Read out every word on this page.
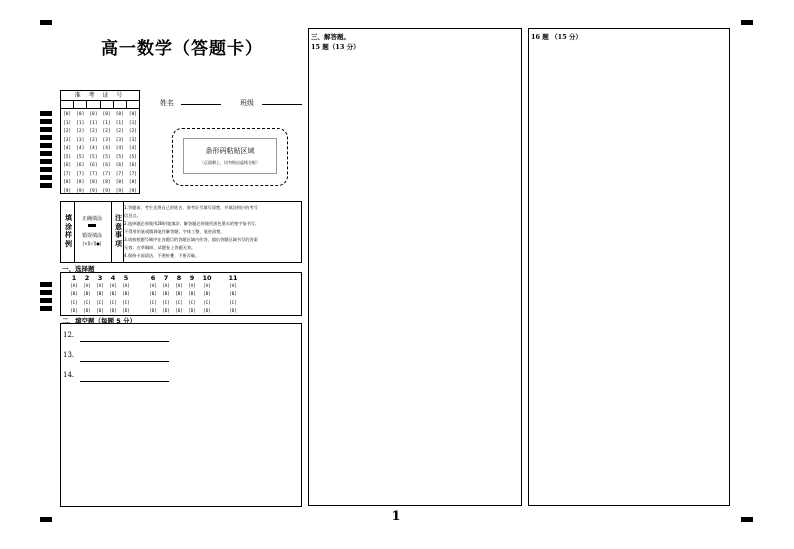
高一数学（答题卡）
准 考 证 号
[0] [0] [0] [0] [0] [0]
[1] [1] [1] [1] [1] [1]
[2] [2] [2] [2] [2] [2]
[3] [3] [3] [3] [3] [3]
[4] [4] [4] [4] [4] [4]
[5] [5] [5] [5] [5] [5]
[6] [6] [6] [6] [6] [6]
[7] [7] [7] [7] [7] [7]
[8] [8] [8] [8] [8] [8]
[9] [9] [9] [9] [9] [9]
姓名	班级
条形码粘贴区域
（正面朝上，切勿贴出虚线方框）
填
涂
样
例
正确填涂
错误填涂
[×][√][●]
注
意
事
项
1.答题前，考生先将自己的姓名、准考证号填写清楚，并填涂相应的考号
信息点。
2.选择题必须使用2B铅笔填涂；解答题必须使用黑色墨水的签字笔书写，
不得用铅笔或圆珠笔作解答题；字体工整、笔迹清楚。
3.请按照题号顺序在各题目的答题区域内作答，超出答题区域书写的答案
无效；在草稿纸、试题卷上答题无效。
4.保持卡面清洁，不要折叠、不要弄破。
一、选择题
1
[A]
[B]
[C]
[D]
2
[A]
[B]
[C]
[D]
3
[A]
[B]
[C]
[D]
4
[A]
[B]
[C]
[D]
5
[A]
[B]
[C]
[D]
6
[A]
[B]
[C]
[D]
7
[A]
[B]
[C]
[D]
8
[A]
[B]
[C]
[D]
9
[A]
[B]
[C]
[D]
10
[A]
[B]
[C]
[D]
11
[A]
[B]
[C]
[D]
二、填空题（每题 5 分）
12.
13.
14.
三、解答题。
15 题（13 分）
16 题 （15 分）
1
